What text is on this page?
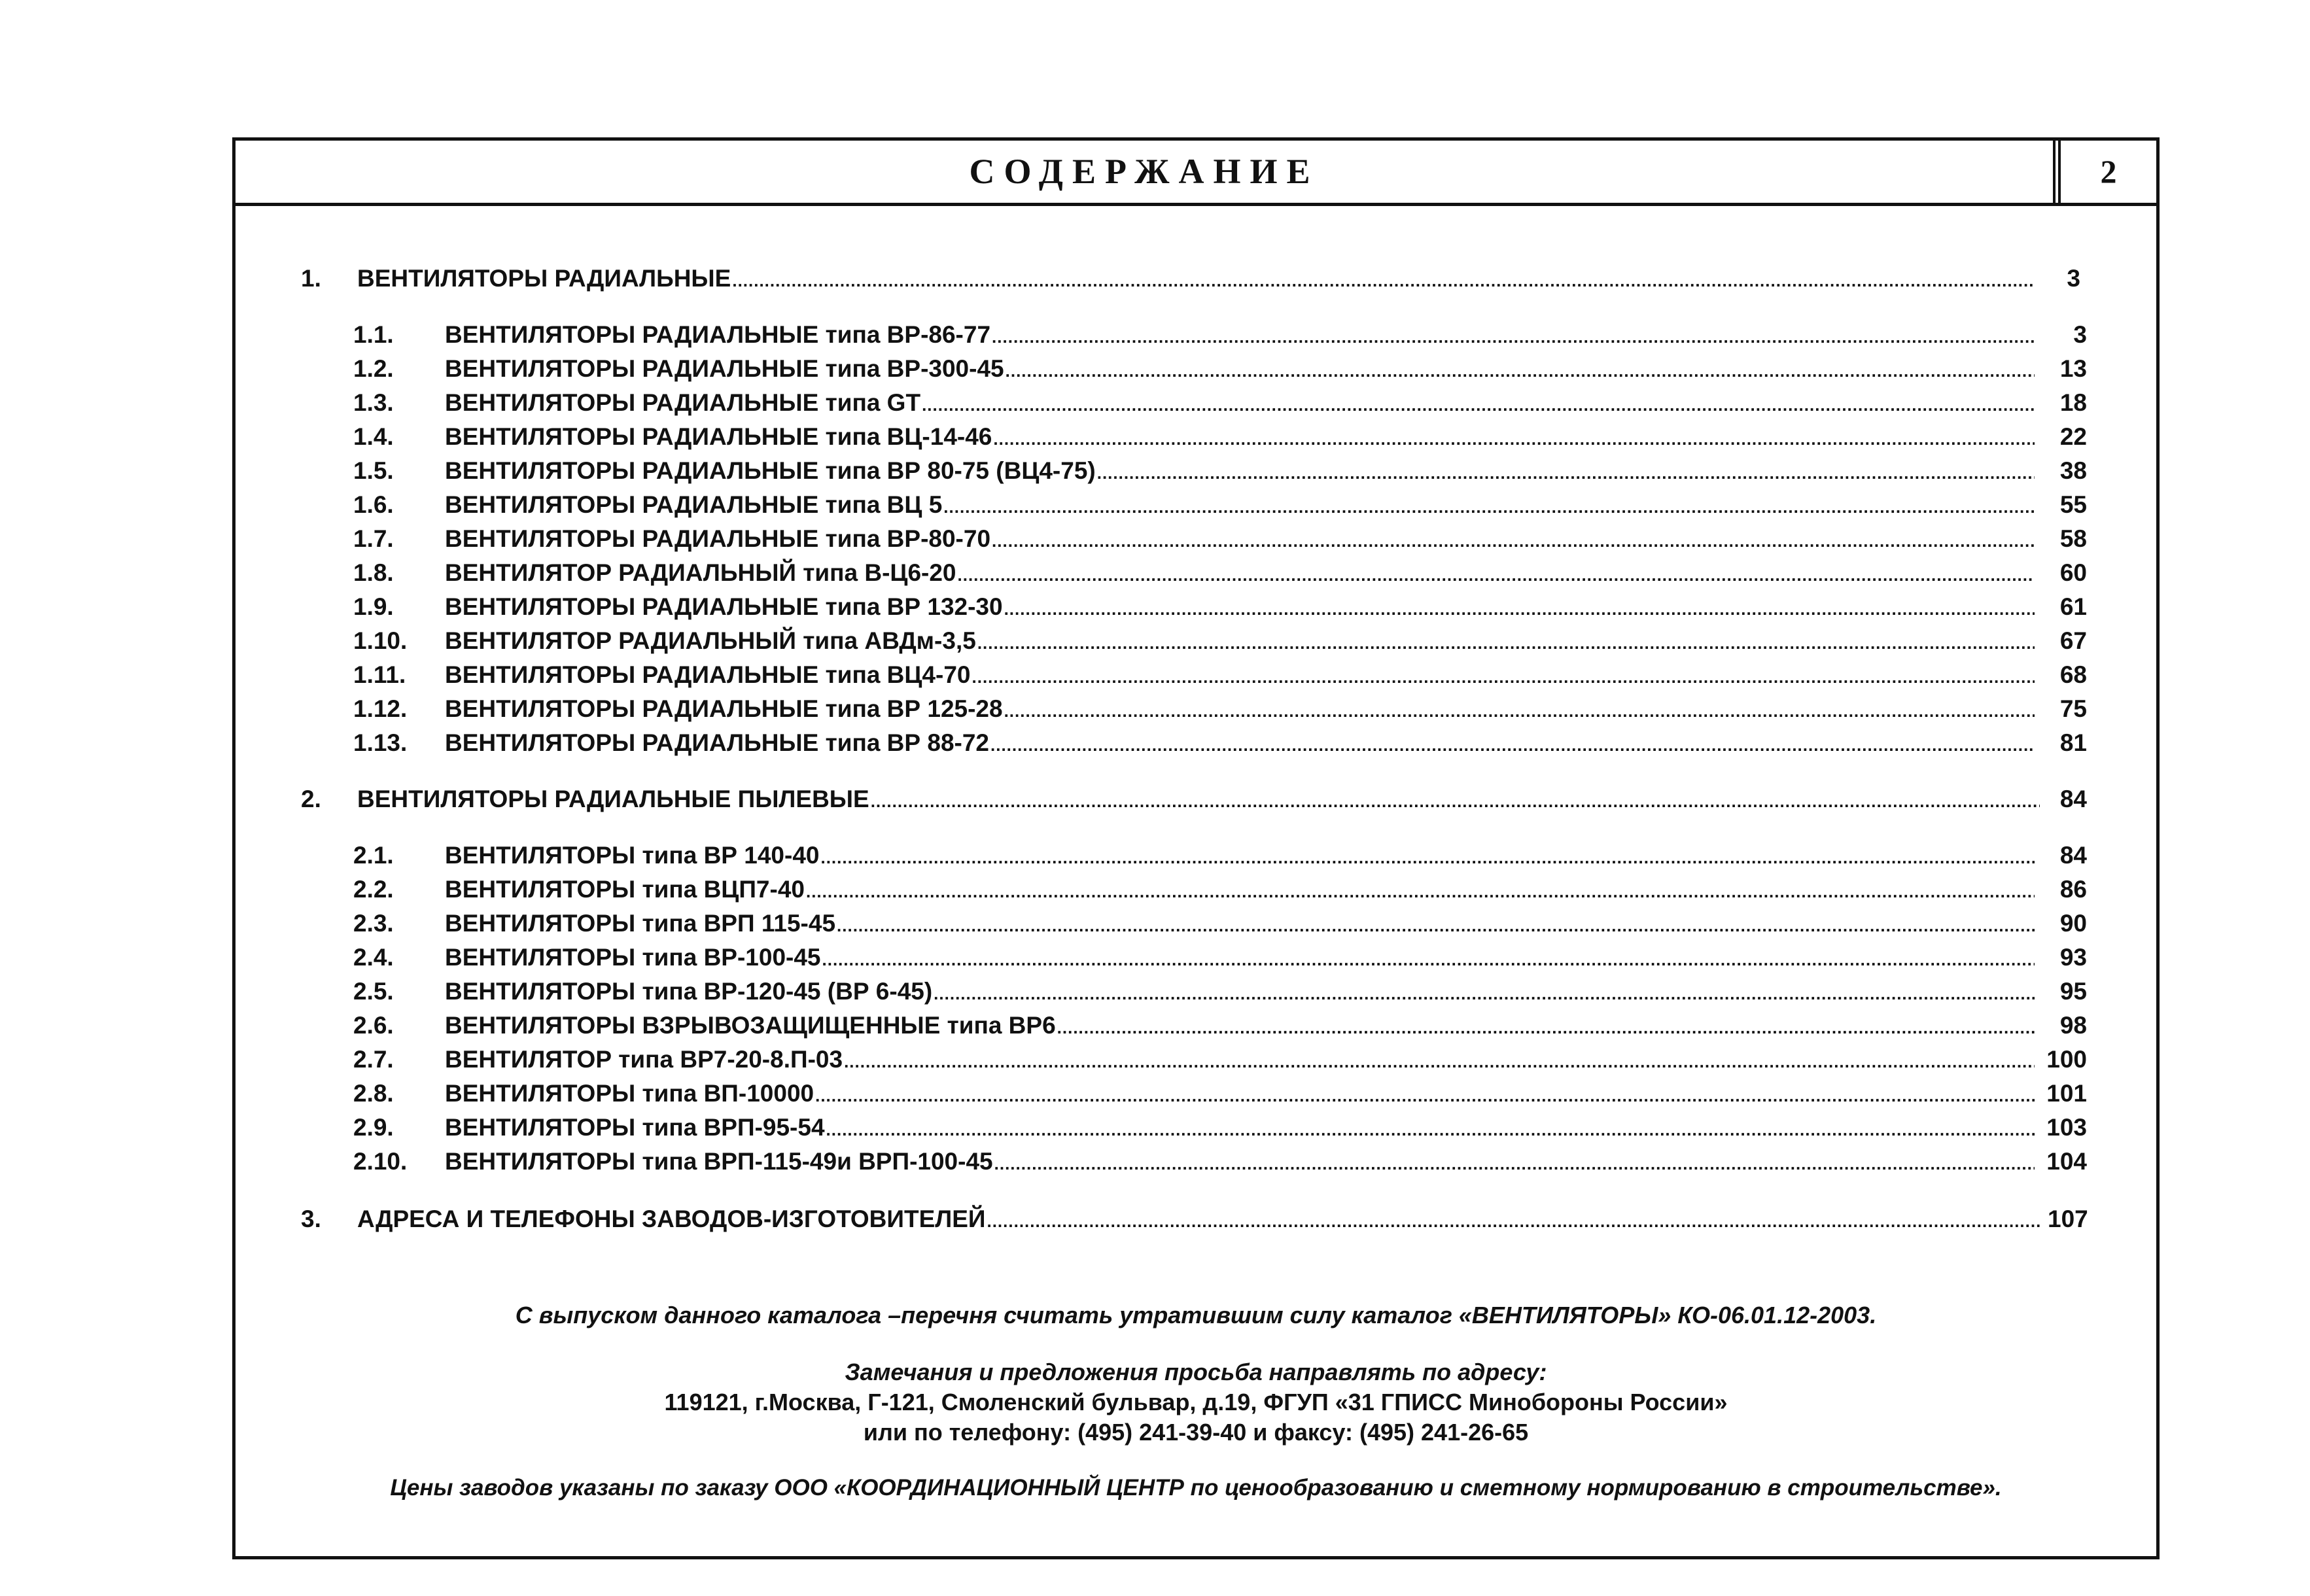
СОДЕРЖАНИЕ	2
1.	ВЕНТИЛЯТОРЫ РАДИАЛЬНЫЕ .....	3
1.1.	ВЕНТИЛЯТОРЫ РАДИАЛЬНЫЕ типа ВР-86-77 .....	3
1.2.	ВЕНТИЛЯТОРЫ РАДИАЛЬНЫЕ типа ВР-300-45 .....	13
1.3.	ВЕНТИЛЯТОРЫ РАДИАЛЬНЫЕ типа GT .....	18
1.4.	ВЕНТИЛЯТОРЫ РАДИАЛЬНЫЕ типа ВЦ-14-46 .....	22
1.5.	ВЕНТИЛЯТОРЫ РАДИАЛЬНЫЕ типа ВР 80-75 (ВЦ4-75) .....	38
1.6.	ВЕНТИЛЯТОРЫ РАДИАЛЬНЫЕ типа ВЦ 5 .....	55
1.7.	ВЕНТИЛЯТОРЫ РАДИАЛЬНЫЕ типа ВР-80-70 .....	58
1.8.	ВЕНТИЛЯТОР РАДИАЛЬНЫЙ типа В-Ц6-20 .....	60
1.9.	ВЕНТИЛЯТОРЫ РАДИАЛЬНЫЕ типа ВР 132-30 .....	61
1.10.	ВЕНТИЛЯТОР РАДИАЛЬНЫЙ типа АВДм-3,5 .....	67
1.11.	ВЕНТИЛЯТОРЫ РАДИАЛЬНЫЕ типа ВЦ4-70 .....	68
1.12.	ВЕНТИЛЯТОРЫ РАДИАЛЬНЫЕ типа ВР 125-28 .....	75
1.13.	ВЕНТИЛЯТОРЫ РАДИАЛЬНЫЕ типа ВР 88-72 .....	81
2.	ВЕНТИЛЯТОРЫ РАДИАЛЬНЫЕ ПЫЛЕВЫЕ .....	84
2.1.	ВЕНТИЛЯТОРЫ типа ВР 140-40 .....	84
2.2.	ВЕНТИЛЯТОРЫ типа ВЦП7-40 .....	86
2.3.	ВЕНТИЛЯТОРЫ типа ВРП 115-45 .....	90
2.4.	ВЕНТИЛЯТОРЫ типа ВР-100-45 .....	93
2.5.	ВЕНТИЛЯТОРЫ типа ВР-120-45 (ВР 6-45) .....	95
2.6.	ВЕНТИЛЯТОРЫ ВЗРЫВОЗАЩИЩЕННЫЕ типа ВР6 .....	98
2.7.	ВЕНТИЛЯТОР типа ВР7-20-8.П-03 .....	100
2.8.	ВЕНТИЛЯТОРЫ типа ВП-10000 .....	101
2.9.	ВЕНТИЛЯТОРЫ типа ВРП-95-54 .....	103
2.10.	ВЕНТИЛЯТОРЫ типа ВРП-115-49и ВРП-100-45 .....	104
3.	АДРЕСА И ТЕЛЕФОНЫ ЗАВОДОВ-ИЗГОТОВИТЕЛЕЙ .....	107
С выпуском данного каталога –перечня считать утратившим силу каталог «ВЕНТИЛЯТОРЫ» КО-06.01.12-2003.
Замечания и предложения просьба направлять по адресу:
119121, г.Москва, Г-121, Смоленский бульвар, д.19, ФГУП «31 ГПИСС Минобороны России»
или по телефону: (495) 241-39-40 и факсу: (495) 241-26-65
Цены заводов указаны по заказу ООО «КООРДИНАЦИОННЫЙ ЦЕНТР по ценообразованию и сметному нормированию в строительстве».
